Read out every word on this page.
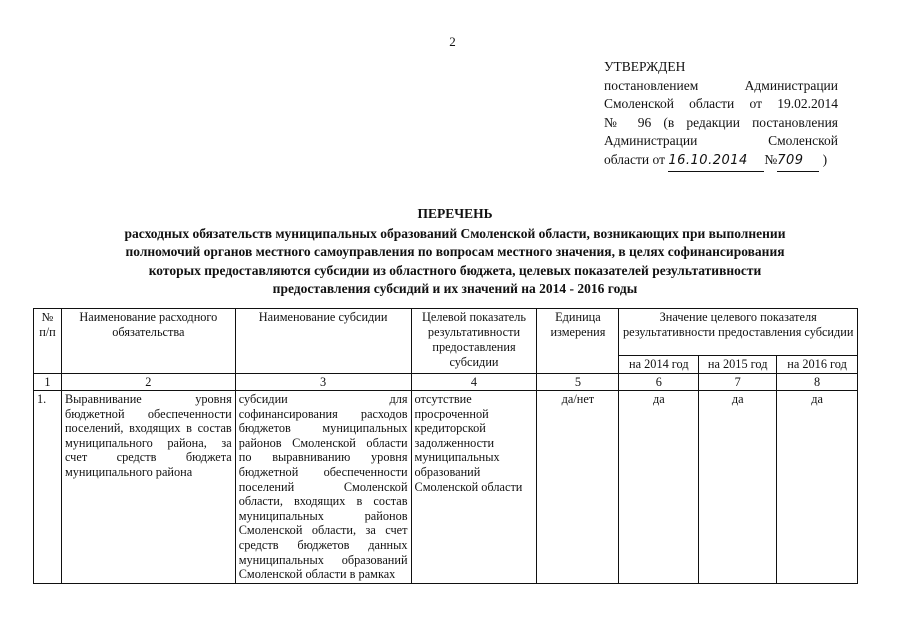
2
УТВЕРЖДЕН
постановлением Администрации
Смоленской области от 19.02.2014
№ 96 (в редакции постановления
Администрации Смоленской
области от 16.10.2014 №709 )
ПЕРЕЧЕНЬ
расходных обязательств муниципальных образований Смоленской области, возникающих при выполнении
полномочий органов местного самоуправления по вопросам местного значения, в целях софинансирования
которых предоставляются субсидии из областного бюджета, целевых показателей результативности
предоставления субсидий и их значений на 2014 - 2016 годы
№ п/п	Наименование расходного обязательства	Наименование субсидии	Целевой показатель результативности предоставления субсидии	Единица измерения	Значение целевого показателя результативности предоставления субсидии		
					на 2014 год	на 2015 год	на 2016 год
1	2	3	4	5	6	7	8
1.	Выравнивание уровня бюджетной обеспеченности поселений, входящих в состав муниципального района, за счет средств бюджета муниципального района	субсидии для софинансирования расходов бюджетов муниципальных районов Смоленской области по выравниванию уровня бюджетной обеспеченности поселений Смоленской области, входящих в состав муниципальных районов Смоленской области, за счет средств бюджетов данных муниципальных образований Смоленской области в рамках	отсутствие просроченной кредиторской задолженности муниципальных образований Смоленской области	да/нет	да	да	да
